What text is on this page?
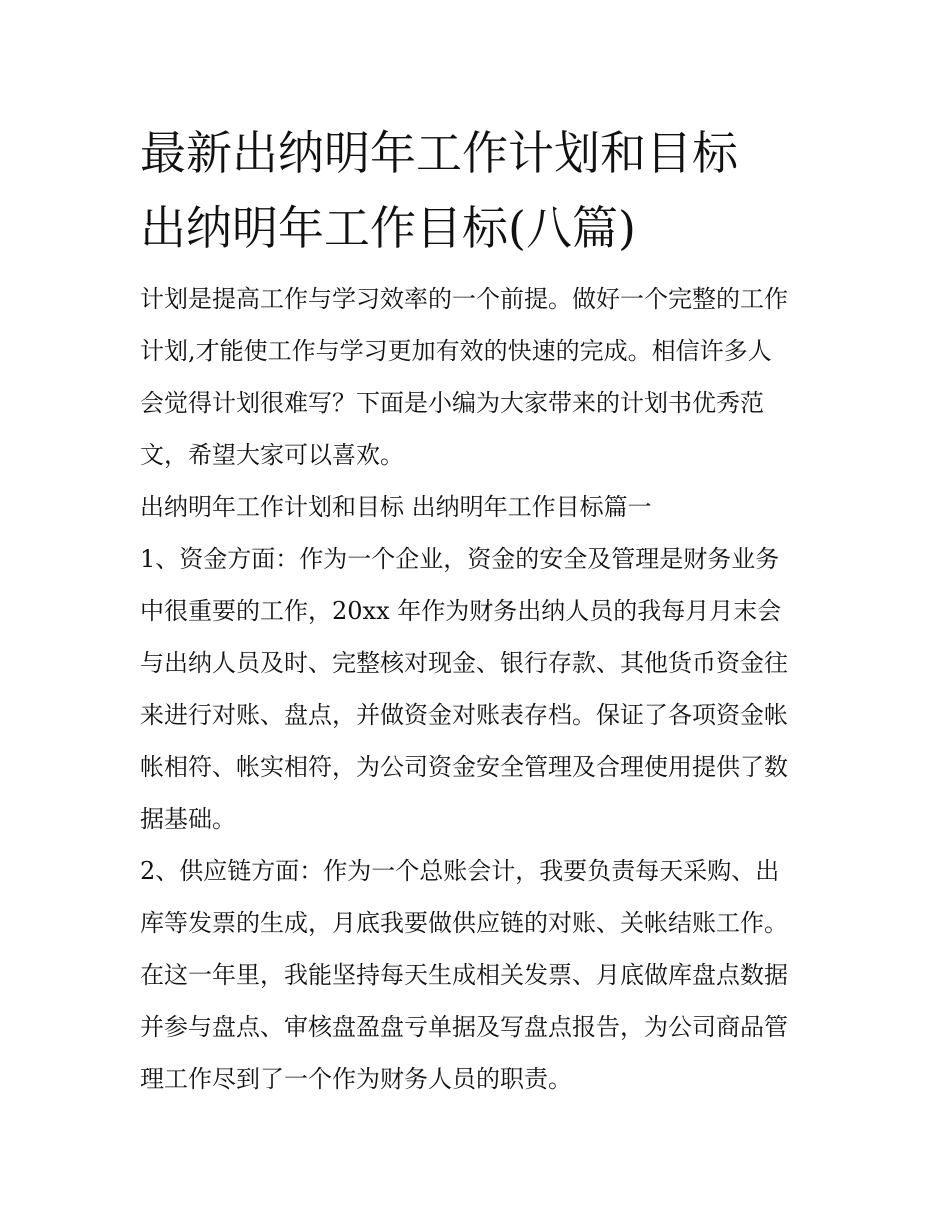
最新出纳明年工作计划和目标
出纳明年工作目标(八篇)

计划是提高工作与学习效率的一个前提。做好一个完整的工作

计划,才能使工作与学习更加有效的快速的完成。相信许多人

会觉得计划很难写？下面是小编为大家带来的计划书优秀范

文，希望大家可以喜欢。

出纳明年工作计划和目标 出纳明年工作目标篇一

1、资金方面：作为一个企业，资金的安全及管理是财务业务

中很重要的工作，20xx 年作为财务出纳人员的我每月月末会

与出纳人员及时、完整核对现金、银行存款、其他货币资金往

来进行对账、盘点，并做资金对账表存档。保证了各项资金帐

帐相符、帐实相符，为公司资金安全管理及合理使用提供了数

据基础。

2、供应链方面：作为一个总账会计，我要负责每天采购、出

库等发票的生成，月底我要做供应链的对账、关帐结账工作。

在这一年里，我能坚持每天生成相关发票、月底做库盘点数据

并参与盘点、审核盘盈盘亏单据及写盘点报告，为公司商品管

理工作尽到了一个作为财务人员的职责。
